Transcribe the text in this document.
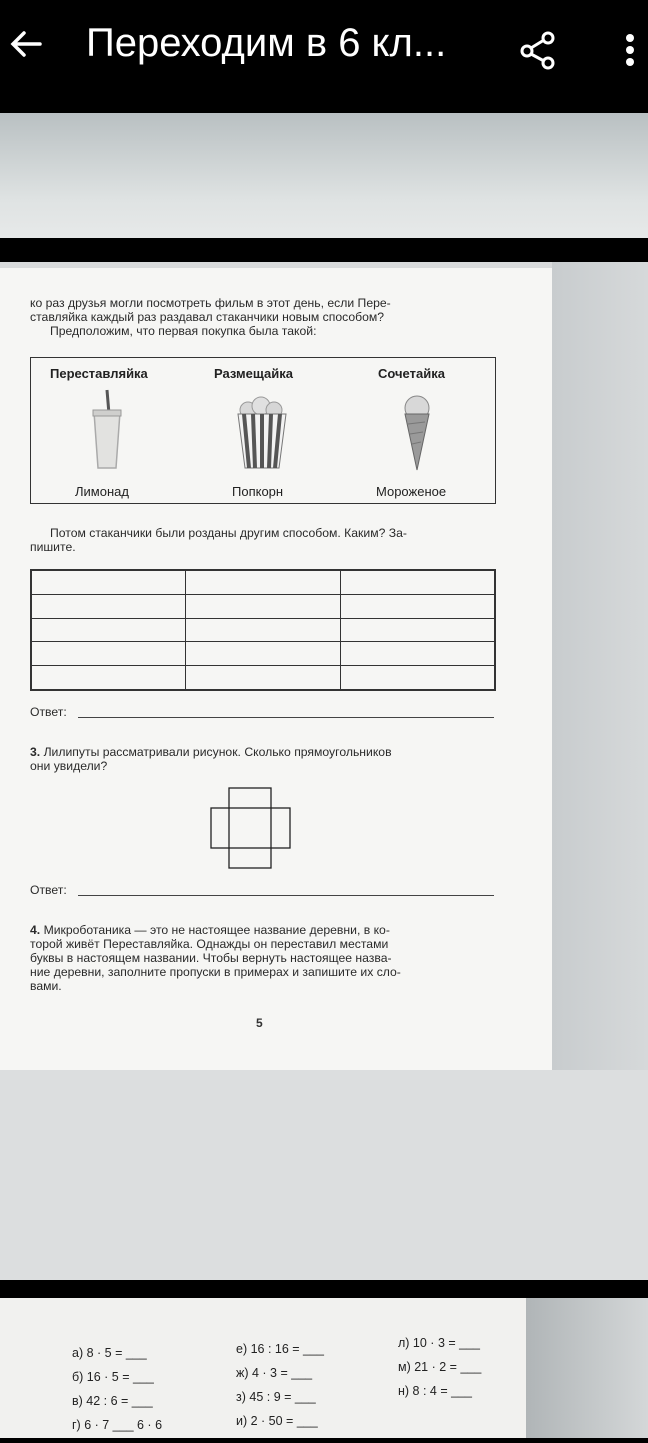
Переходим в 6 кл...
ко раз друзья могли посмотреть фильм в этот день, если Пере-
ставляйка каждый раз раздавал стаканчики новым способом?
Предположим, что первая покупка была такой:
Переставляйка	Размещайка	Сочетайка
Лимонад	Попкорн	Мороженое
Потом стаканчики были розданы другим способом. Каким? За-
пишите.

Ответ:
3. Лилипуты рассматривали рисунок. Сколько прямоугольников
они увидели?
Ответ:
4. Микроботаника — это не настоящее название деревни, в ко-
торой живёт Переставляйка. Однажды он переставил местами
буквы в настоящем названии. Чтобы вернуть настоящее назва-
ние деревни, заполните пропуски в примерах и запишите их сло-
вами.
5
а) 8 · 5 = ___
б) 16 · 5 = ___
в) 42 : 6 = ___
г) 6 · 7 ___ 6 · 6
е) 16 : 16 = ___
ж) 4 · 3 = ___
з) 45 : 9 = ___
и) 2 · 50 = ___
л) 10 · 3 = ___
м) 21 · 2 = ___
н) 8 : 4 = ___
